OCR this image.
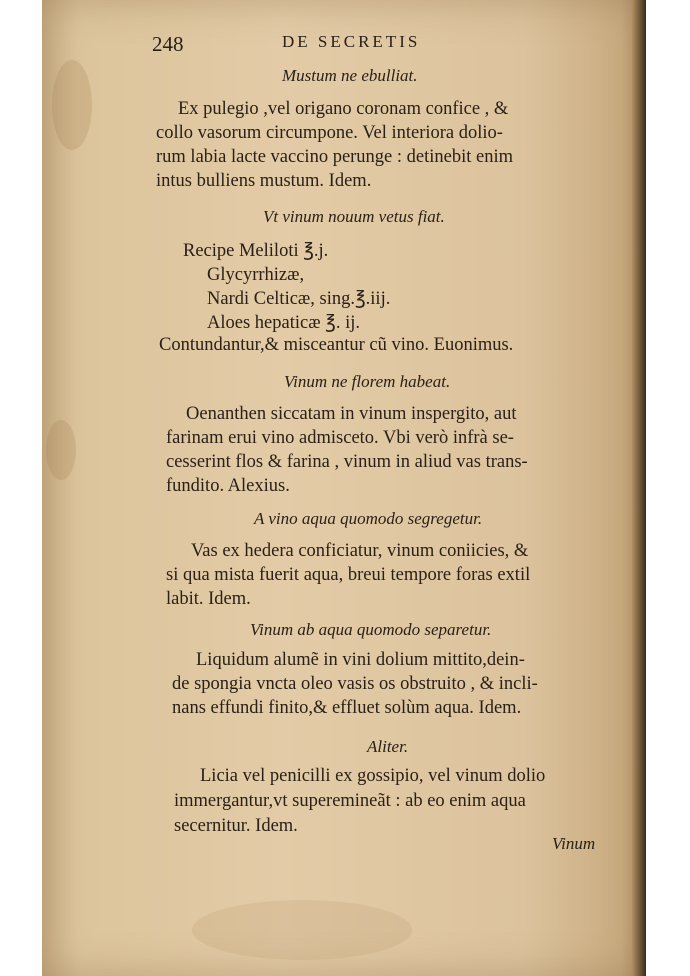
248	DE SECRETIS
Mustum ne ebulliat.
Ex pulegio ,vel origano coronam confice , &
collo vasorum circumpone. Vel interiora dolio-
rum labia lacte vaccino perunge : detinebit enim
intus bulliens mustum. Idem.
Vt vinum nouum vetus fiat.
Recipe Meliloti ℥.j.
Glycyrrhizæ,
Nardi Celticæ, sing.℥.iij.
Aloes hepaticæ ℥. ij.
Contundantur,& misceantur cũ vino. Euonimus.
Vinum ne florem habeat.
Oenanthen siccatam in vinum inspergito, aut
farinam erui vino admisceto. Vbi verò infrà se-
cesserint flos & farina , vinum in aliud vas trans-
fundito. Alexius.
A vino aqua quomodo segregetur.
Vas ex hedera conficiatur, vinum coniicies, &
si qua mista fuerit aqua, breui tempore foras extil
labit. Idem.
Vinum ab aqua quomodo separetur.
Liquidum alumẽ in vini dolium mittito,dein-
de spongia vncta oleo vasis os obstruito , & incli-
nans effundi finito,& effluet solùm aqua. Idem.
Aliter.
Licia vel penicilli ex gossipio, vel vinum dolio
immergantur,vt superemineãt : ab eo enim aqua
secernitur. Idem.
Vinum
